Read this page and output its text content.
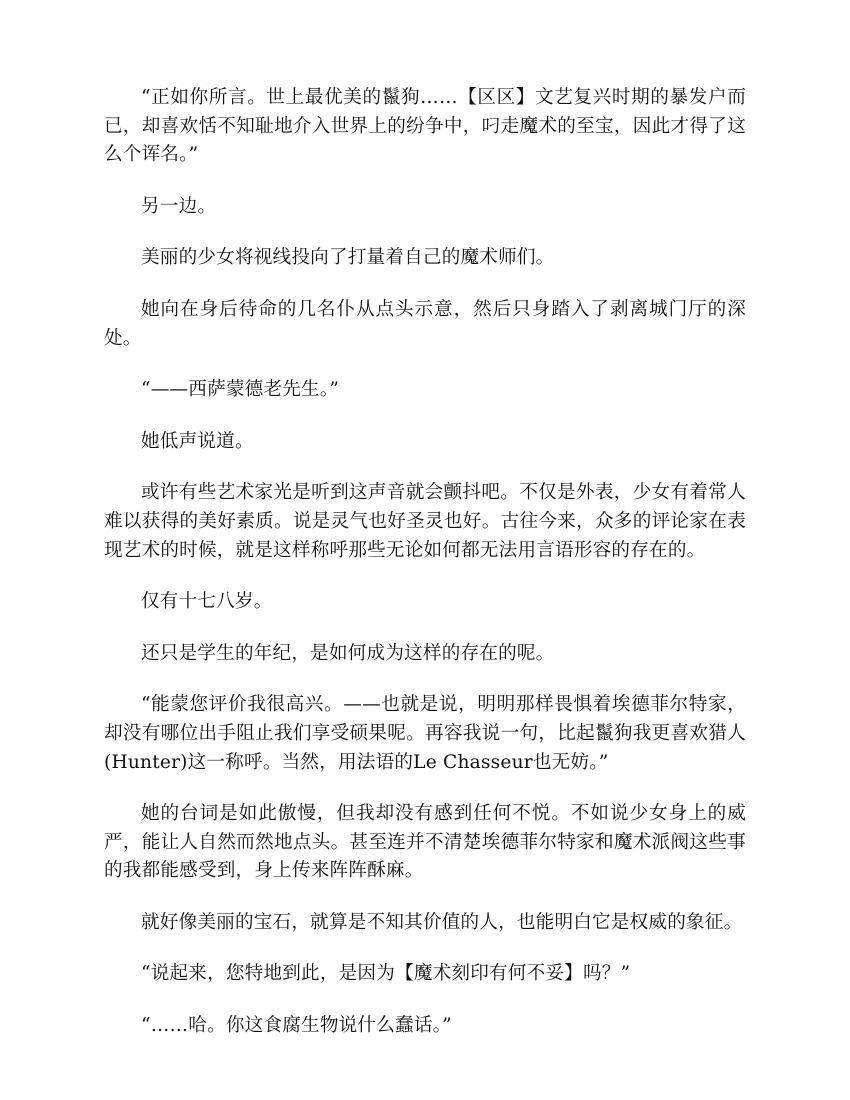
“正如你所言。世上最优美的鬣狗……【区区】文艺复兴时期的暴发户而已，却喜欢恬不知耻地介入世界上的纷争中，叼走魔术的至宝，因此才得了这么个诨名。”

另一边。

美丽的少女将视线投向了打量着自己的魔术师们。

她向在身后待命的几名仆从点头示意，然后只身踏入了剥离城门厅的深处。

“——西萨蒙德老先生。”

她低声说道。

或许有些艺术家光是听到这声音就会颤抖吧。不仅是外表，少女有着常人难以获得的美好素质。说是灵气也好圣灵也好。古往今来，众多的评论家在表现艺术的时候，就是这样称呼那些无论如何都无法用言语形容的存在的。

仅有十七八岁。

还只是学生的年纪，是如何成为这样的存在的呢。

“能蒙您评价我很高兴。——也就是说，明明那样畏惧着埃德菲尔特家，却没有哪位出手阻止我们享受硕果呢。再容我说一句，比起鬣狗我更喜欢猎人(Hunter)这一称呼。当然，用法语的Le Chasseur也无妨。”

她的台词是如此傲慢，但我却没有感到任何不悦。不如说少女身上的威严，能让人自然而然地点头。甚至连并不清楚埃德菲尔特家和魔术派阀这些事的我都能感受到，身上传来阵阵酥麻。

就好像美丽的宝石，就算是不知其价值的人，也能明白它是权威的象征。

“说起来，您特地到此，是因为【魔术刻印有何不妥】吗？”

“……哈。你这食腐生物说什么蠢话。”
